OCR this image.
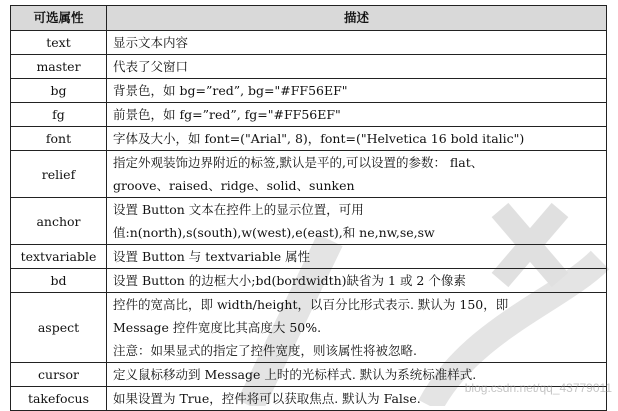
可选属性	描述
text	显示文本内容

master	代表了父窗口

bg	背景色，如 bg=”red”, bg="#FF56EF"

fg	前景色，如 fg=”red”, fg="#FF56EF"

font	字体及大小，如 font=("Arial", 8)，font=("Helvetica 16 bold italic")

relief	指定外观装饰边界附近的标签,默认是平的,可以设置的参数： flat、
groove、raised、ridge、solid、sunken

anchor	设置 Button 文本在控件上的显示位置，可用
值:n(north),s(south),w(west),e(east),和 ne,nw,se,sw

textvariable	设置 Button 与 textvariable 属性

bd	设置 Button 的边框大小;bd(bordwidth)缺省为 1 或 2 个像素

aspect	控件的宽高比，即 width/height，以百分比形式表示. 默认为 150，即
Message 控件宽度比其高度大 50%.
注意：如果显式的指定了控件宽度，则该属性将被忽略.

cursor	定义鼠标移动到 Message 上时的光标样式. 默认为系统标准样式.

takefocus	如果设置为 True，控件将可以获取焦点. 默认为 False.
blog.csdn.net/qq_43779011
